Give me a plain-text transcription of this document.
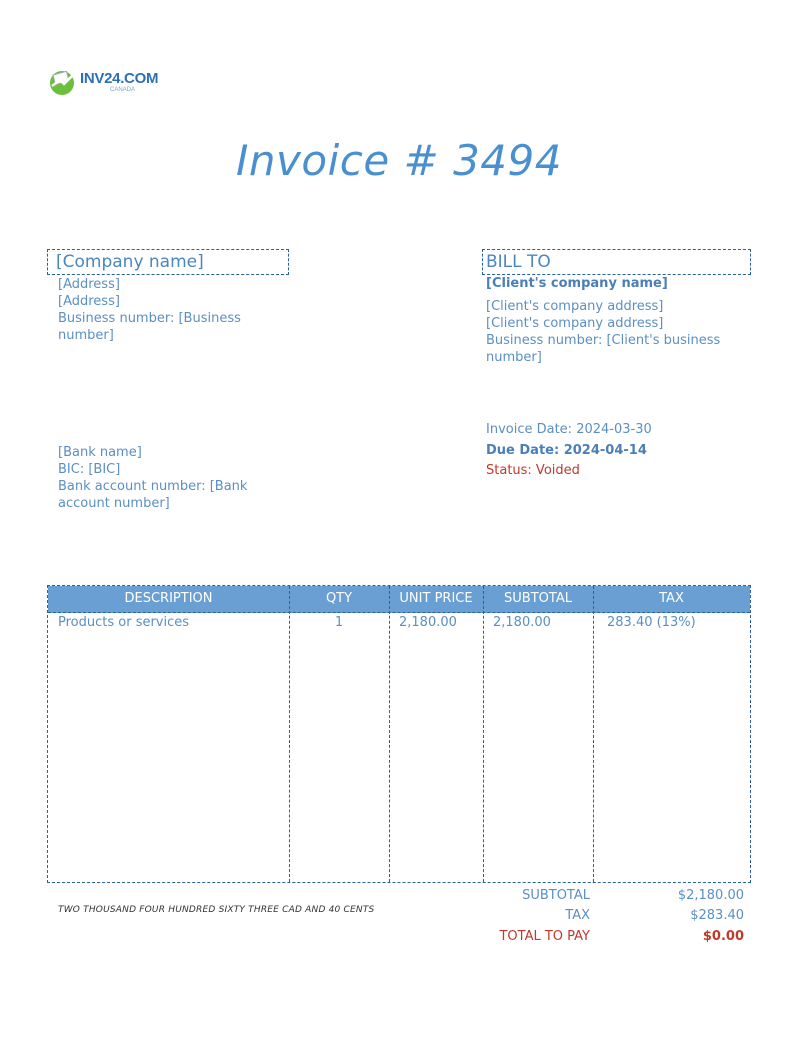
INV24.COM
CANADA
Invoice # 3494
[Company name]
[Address]
[Address]
Business number: [Business number]
BILL TO
[Client's company name]
[Client's company address]
[Client's company address]
Business number: [Client's business number]
[Bank name]
BIC: [BIC]
Bank account number: [Bank account number]
Invoice Date: 2024-03-30
Due Date: 2024-04-14
Status: Voided
DESCRIPTION	QTY	UNIT PRICE	SUBTOTAL	TAX
Products or services	1	2,180.00	2,180.00	283.40 (13%)
TWO THOUSAND FOUR HUNDRED SIXTY THREE CAD AND 40 CENTS
SUBTOTAL	$2,180.00
TAX	$283.40
TOTAL TO PAY	$0.00
